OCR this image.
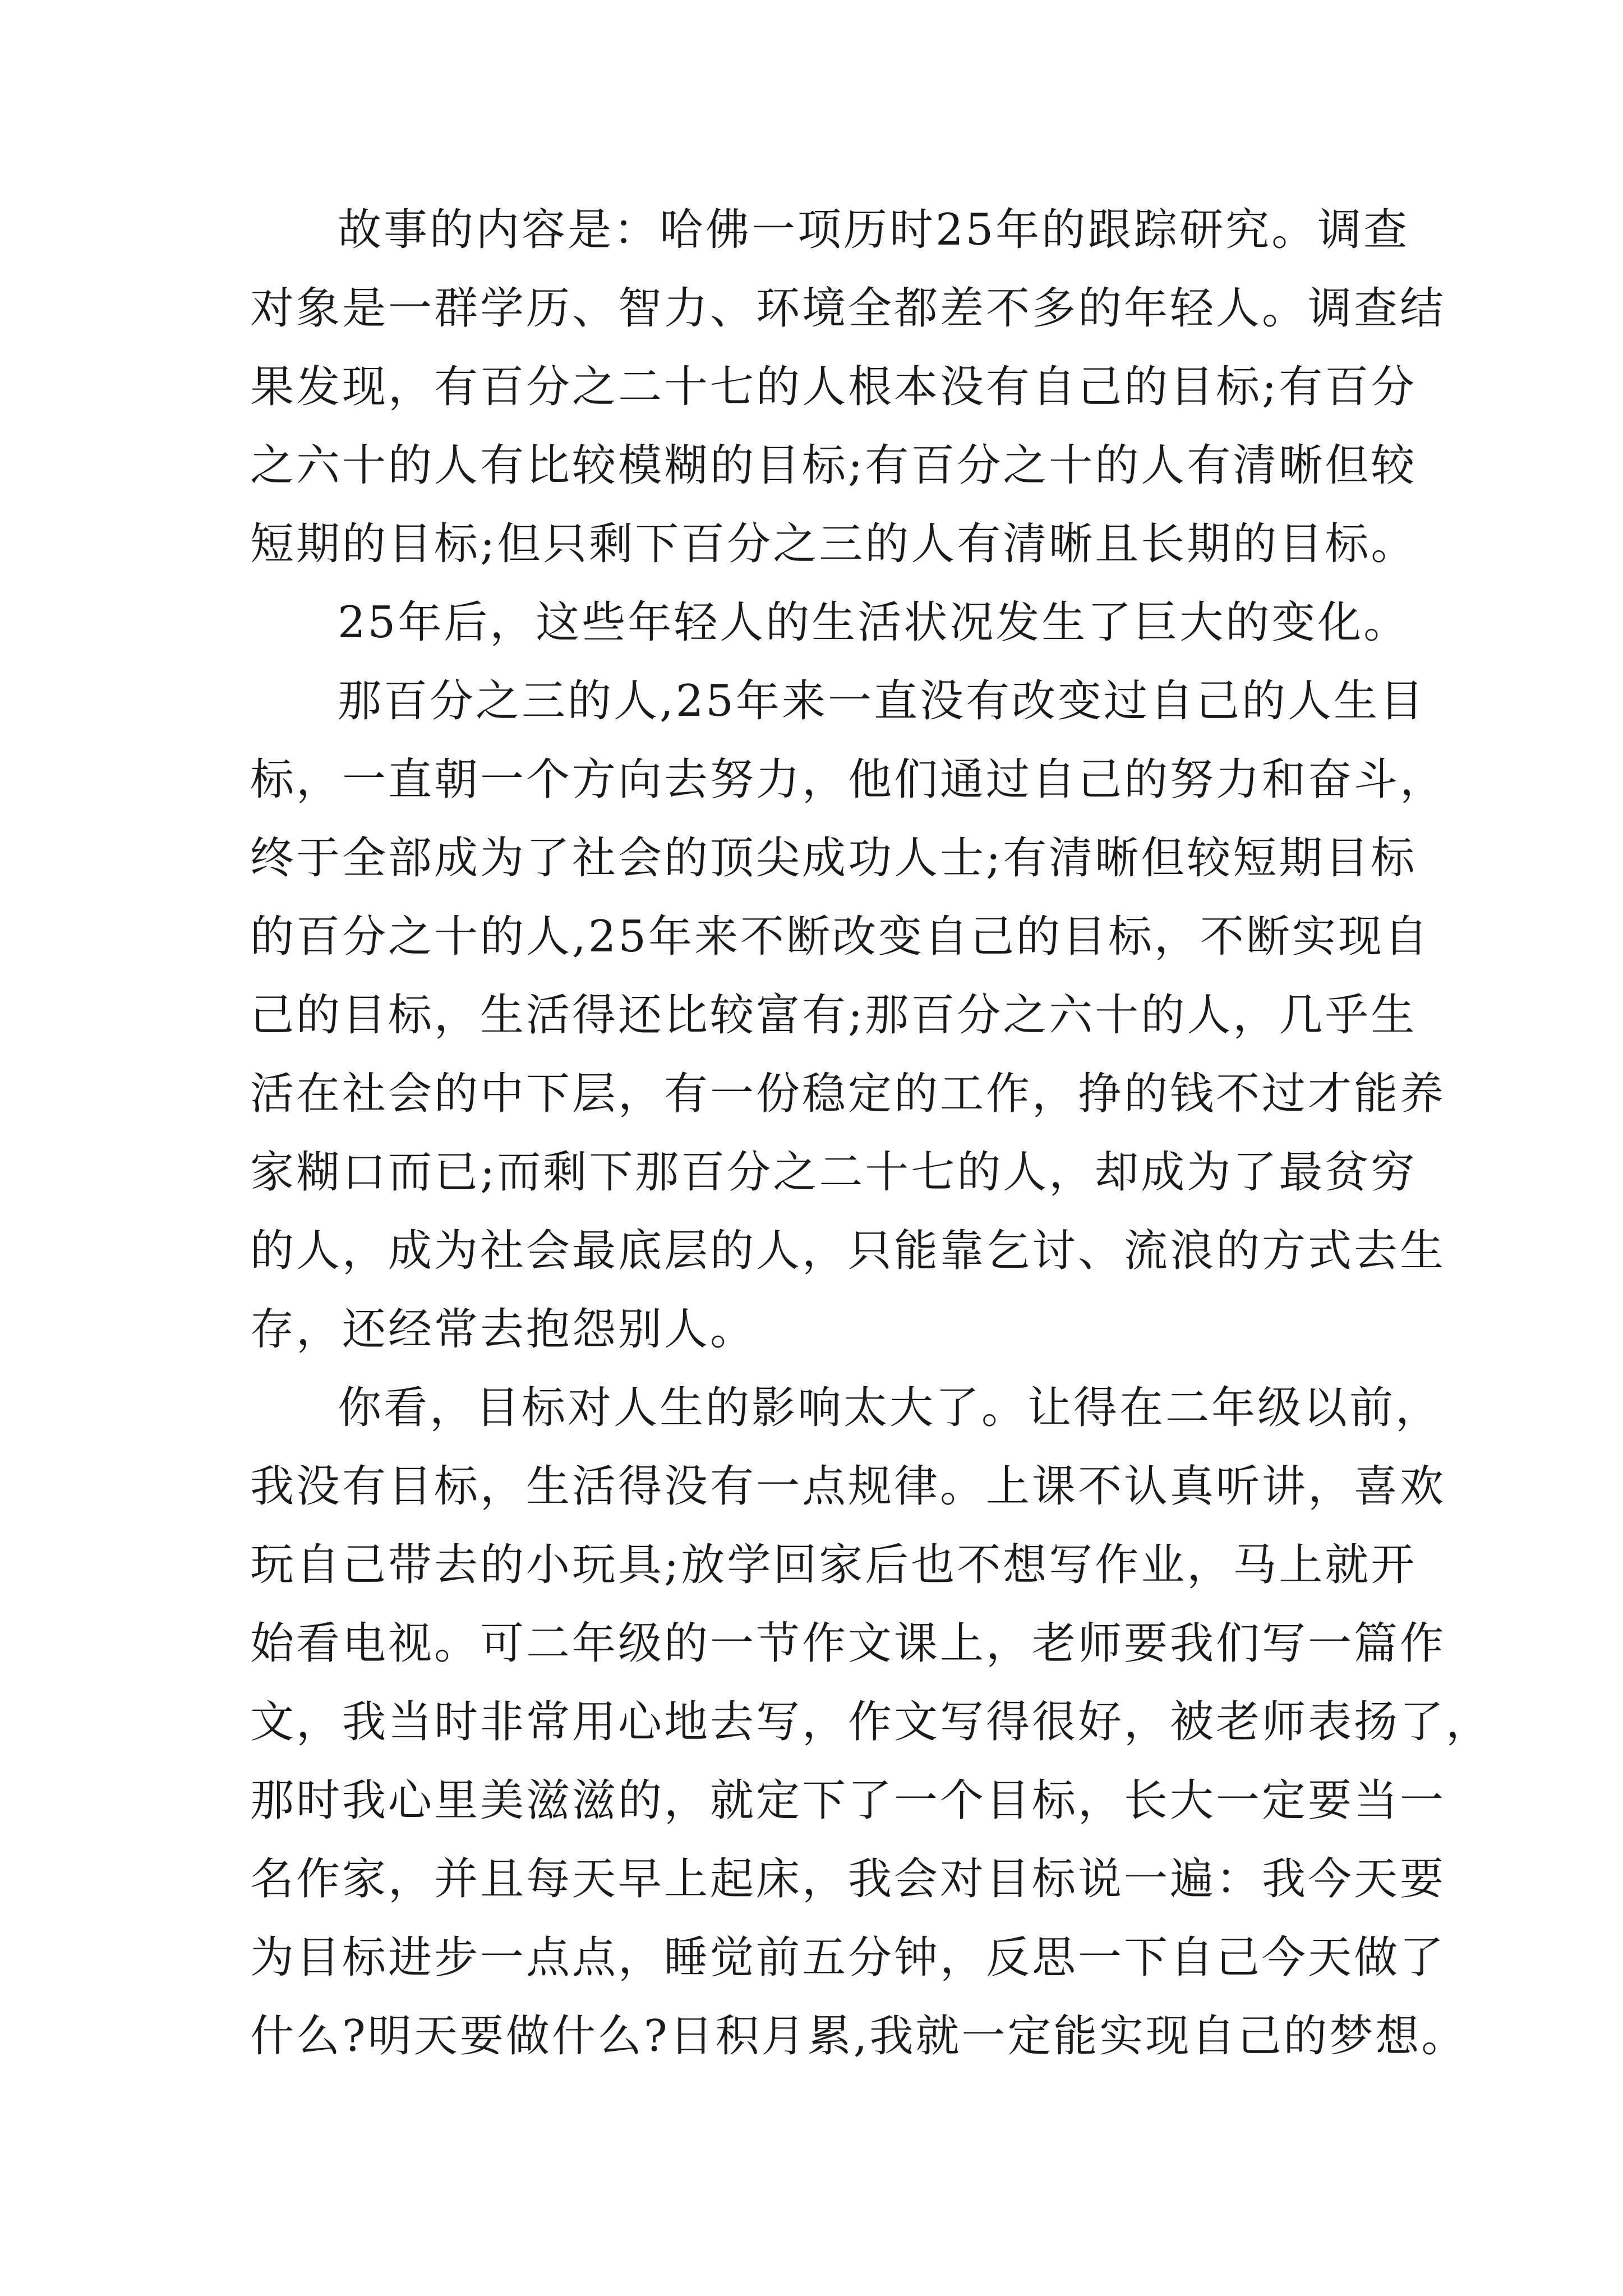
故事的内容是：哈佛一项历时25年的跟踪研究。调查
对象是一群学历、智力、环境全都差不多的年轻人。调查结
果发现，有百分之二十七的人根本没有自己的目标;有百分
之六十的人有比较模糊的目标;有百分之十的人有清晰但较
短期的目标;但只剩下百分之三的人有清晰且长期的目标。
25年后，这些年轻人的生活状况发生了巨大的变化。
那百分之三的人,25年来一直没有改变过自己的人生目
标，一直朝一个方向去努力，他们通过自己的努力和奋斗，
终于全部成为了社会的顶尖成功人士;有清晰但较短期目标
的百分之十的人,25年来不断改变自己的目标，不断实现自
己的目标，生活得还比较富有;那百分之六十的人，几乎生
活在社会的中下层，有一份稳定的工作，挣的钱不过才能养
家糊口而已;而剩下那百分之二十七的人，却成为了最贫穷
的人，成为社会最底层的人，只能靠乞讨、流浪的方式去生
存，还经常去抱怨别人。
你看，目标对人生的影响太大了。让得在二年级以前，
我没有目标，生活得没有一点规律。上课不认真听讲，喜欢
玩自己带去的小玩具;放学回家后也不想写作业，马上就开
始看电视。可二年级的一节作文课上，老师要我们写一篇作
文，我当时非常用心地去写，作文写得很好，被老师表扬了，
那时我心里美滋滋的，就定下了一个目标，长大一定要当一
名作家，并且每天早上起床，我会对目标说一遍：我今天要
为目标进步一点点，睡觉前五分钟，反思一下自己今天做了
什么?明天要做什么?日积月累,我就一定能实现自己的梦想。
